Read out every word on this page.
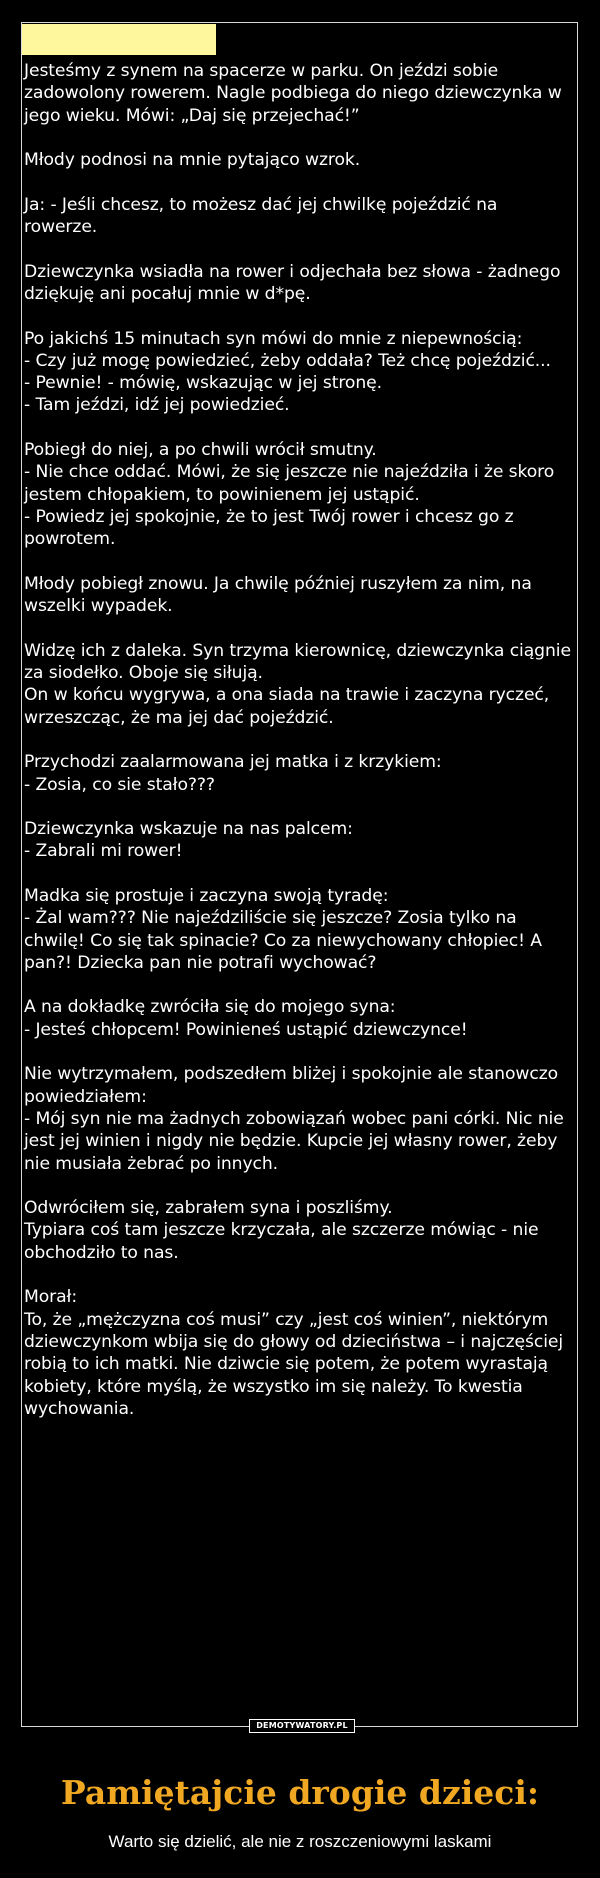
Jesteśmy z synem na spacerze w parku. On jeździ sobie zadowolony rowerem. Nagle podbiega do niego dziewczynka w jego wieku. Mówi: „Daj się przejechać!”

Młody podnosi na mnie pytająco wzrok.

Ja: - Jeśli chcesz, to możesz dać jej chwilkę pojeździć na rowerze.

Dziewczynka wsiadła na rower i odjechała bez słowa - żadnego dziękuję ani pocałuj mnie w d*pę.

Po jakichś 15 minutach syn mówi do mnie z niepewnością:
- Czy już mogę powiedzieć, żeby oddała? Też chcę pojeździć...
- Pewnie! - mówię, wskazując w jej stronę.
- Tam jeździ, idź jej powiedzieć.

Pobiegł do niej, a po chwili wrócił smutny.
- Nie chce oddać. Mówi, że się jeszcze nie najeździła i że skoro jestem chłopakiem, to powinienem jej ustąpić.
- Powiedz jej spokojnie, że to jest Twój rower i chcesz go z powrotem.

Młody pobiegł znowu. Ja chwilę później ruszyłem za nim, na wszelki wypadek.

Widzę ich z daleka. Syn trzyma kierownicę, dziewczynka ciągnie za siodełko. Oboje się siłują.
On w końcu wygrywa, a ona siada na trawie i zaczyna ryczeć, wrzeszcząc, że ma jej dać pojeździć.

Przychodzi zaalarmowana jej matka i z krzykiem:
- Zosia, co sie stało???

Dziewczynka wskazuje na nas palcem:
- Zabrali mi rower!

Madka się prostuje i zaczyna swoją tyradę:
- Żal wam??? Nie najeździliście się jeszcze? Zosia tylko na chwilę! Co się tak spinacie? Co za niewychowany chłopiec! A pan?! Dziecka pan nie potrafi wychować?

A na dokładkę zwróciła się do mojego syna:
- Jesteś chłopcem! Powinieneś ustąpić dziewczynce!

Nie wytrzymałem, podszedłem bliżej i spokojnie ale stanowczo powiedziałem:
- Mój syn nie ma żadnych zobowiązań wobec pani córki. Nic nie jest jej winien i nigdy nie będzie. Kupcie jej własny rower, żeby nie musiała żebrać po innych.

Odwróciłem się, zabrałem syna i poszliśmy.
Typiara coś tam jeszcze krzyczała, ale szczerze mówiąc - nie obchodziło to nas.

Morał:
To, że „mężczyzna coś musi” czy „jest coś winien”, niektórym dziewczynkom wbija się do głowy od dzieciństwa – i najczęściej robią to ich matki. Nie dziwcie się potem, że potem wyrastają kobiety, które myślą, że wszystko im się należy. To kwestia wychowania.

DEMOTYWATORY.PL
Pamiętajcie drogie dzieci:
Warto się dzielić, ale nie z roszczeniowymi laskami
